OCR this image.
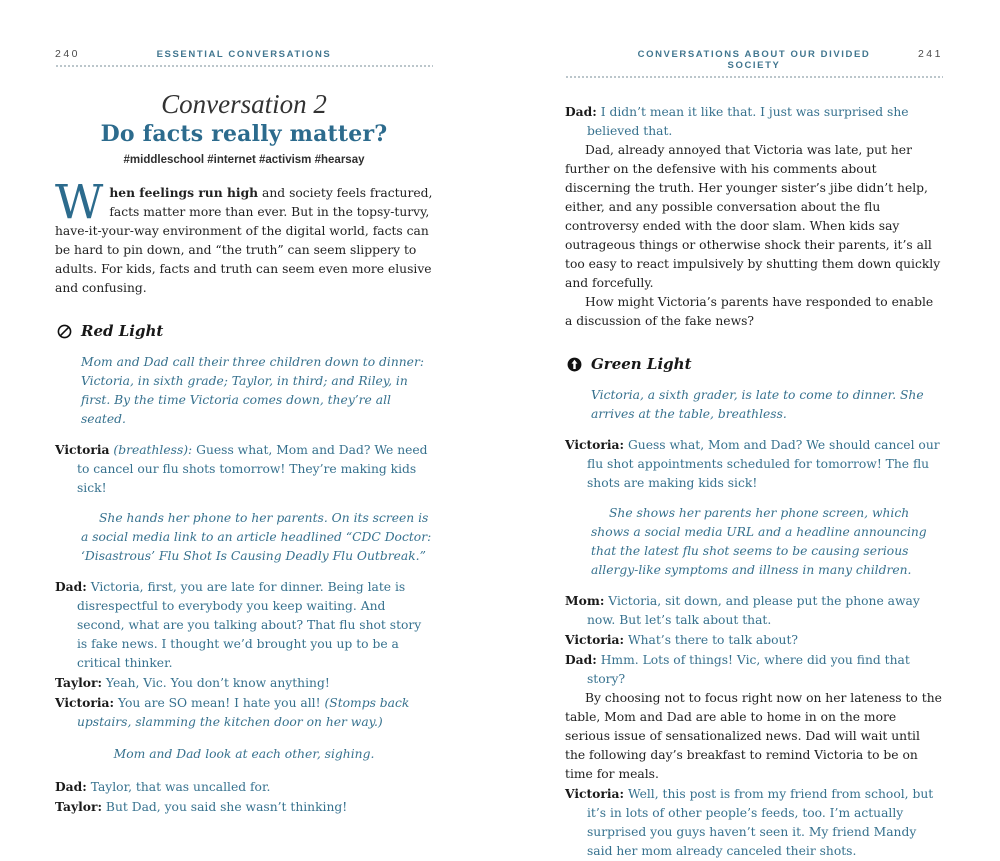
240	ESSENTIAL CONVERSATIONS
Conversation 2
Do facts really matter?
#middleschool #internet #activism #hearsay
When feelings run high and society feels fractured, facts matter more than ever. But in the topsy-turvy, have-it-your-way environment of the digital world, facts can be hard to pin down, and “the truth” can seem slippery to adults. For kids, facts and truth can seem even more elusive and confusing.
Red Light

Mom and Dad call their three children down to dinner: Victoria, in sixth grade; Taylor, in third; and Riley, in first. By the time Victoria comes down, they’re all seated.

Victoria (breathless): Guess what, Mom and Dad? We need to cancel our flu shots tomorrow! They’re making kids sick!

She hands her phone to her parents. On its screen is a social media link to an article headlined “CDC Doctor: ‘Disastrous’ Flu Shot Is Causing Deadly Flu Outbreak.”

Dad: Victoria, first, you are late for dinner. Being late is disrespectful to everybody you keep waiting. And second, what are you talking about? That flu shot story is fake news. I thought we’d brought you up to be a critical thinker.

Taylor: Yeah, Vic. You don’t know anything!

Victoria: You are SO mean! I hate you all! (Stomps back upstairs, slamming the kitchen door on her way.)

Mom and Dad look at each other, sighing.

Dad: Taylor, that was uncalled for.

Taylor: But Dad, you said she wasn’t thinking!

CONVERSATIONS ABOUT OUR DIVIDED SOCIETY
241

Dad: I didn’t mean it like that. I just was surprised she believed that.

Dad, already annoyed that Victoria was late, put her further on the defensive with his comments about discerning the truth. Her younger sister’s jibe didn’t help, either, and any possible conversation about the flu controversy ended with the door slam. When kids say outrageous things or otherwise shock their parents, it’s all too easy to react impulsively by shutting them down quickly and forcefully.

How might Victoria’s parents have responded to enable a discussion of the fake news?

Green Light

Victoria, a sixth grader, is late to come to dinner. She arrives at the table, breathless.

Victoria: Guess what, Mom and Dad? We should cancel our flu shot appointments scheduled for tomorrow! The flu shots are making kids sick!

She shows her parents her phone screen, which shows a social media URL and a headline announcing that the latest flu shot seems to be causing serious allergy-like symptoms and illness in many children.

Mom: Victoria, sit down, and please put the phone away now. But let’s talk about that.

Victoria: What’s there to talk about?

Dad: Hmm. Lots of things! Vic, where did you find that story?

By choosing not to focus right now on her lateness to the table, Mom and Dad are able to home in on the more serious issue of sensationalized news. Dad will wait until the following day’s breakfast to remind Victoria to be on time for meals.

Victoria: Well, this post is from my friend from school, but it’s in lots of other people’s feeds, too. I’m actually surprised you guys haven’t seen it. My friend Mandy said her mom already canceled their shots.
